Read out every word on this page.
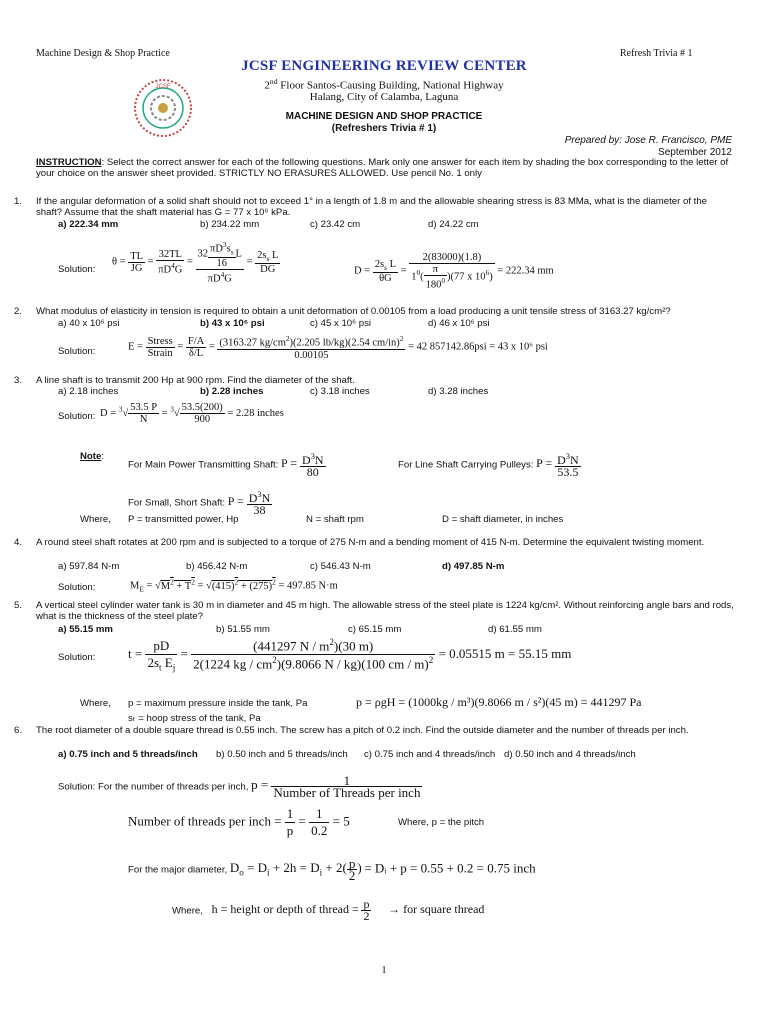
Machine Design & Shop Practice	Refresh Trivia # 1
JCSF ENGINEERING REVIEW CENTER
2nd Floor Santos-Causing Building, National Highway
Halang, City of Calamba, Laguna
JCSF
MACHINE DESIGN AND SHOP PRACTICE
(Refreshers Trivia # 1)
Prepared by: Jose R. Francisco, PME
September 2012
INSTRUCTION: Select the correct answer for each of the following questions. Mark only one answer for each item by shading the box corresponding to the letter of your choice on the answer sheet provided. STRICTLY NO ERASURES ALLOWED. Use pencil No. 1 only
1. If the angular deformation of a solid shaft should not to exceed 1° in a length of 1.8 m and the allowable shearing stress is 83 MMa, what is the diameter of the shaft? Assume that the shaft material has G = 77 x 10⁶ kPa.
a) 222.34 mm	b) 234.22 mm	c) 23.42 cm	d) 24.22 cm
Solution:
$\theta = \frac{TL}{JG} = \frac{32TL}{\pi D^4G} = \frac{32 \frac{\pi D^3s_s}{16} L}{\pi D^4G} = \frac{2s_s L}{DG}$	$D = \frac{2s_s L}{\theta G} = \frac{2(83000)(1.8)}{1^0( \frac{\pi}{180^0} )(77 x 10^6)} = 222.34$ mm
2. What modulus of elasticity in tension is required to obtain a unit deformation of 0.00105 from a load producing a unit tensile stress of 3163.27 kg/cm²?
a) 40 x 10⁶ psi	b) 43 x 10⁶ psi	c) 45 x 10⁶ psi	d) 46 x 10⁶ psi
Solution:	$E = \frac{\text{Stress}}{\text{Strain}} = \frac{F/A}{\delta/L} = \frac{(3163.27 kg/cm^2)(2.205 lb/kg)(2.54 cm/in)^2}{0.00105} = 42$ 857142.86psi = 43 x 10⁶ psi
3. A line shaft is to transmit 200 Hp at 900 rpm. Find the diameter of the shaft.
a) 2.18 inches	b) 2.28 inches	c) 3.18 inches	d) 3.28 inches
Solution: $D = ^3√ \frac{53.5 P}{N} = ^3√ \frac{53.5(200)}{900} = 2.28$ inches
Note:
For Main Power Transmitting Shaft: $P = \frac{D^3N}{80}$	For Line Shaft Carrying Pulleys: $P = \frac{D^3N}{53.5}$
For Small, Short Shaft: $P = \frac{D^3N}{38}$
Where, P = transmitted power, Hp	N = shaft rpm	D = shaft diameter, in inches
4. A round steel shaft rotates at 200 rpm and is subjected to a torque of 275 N-m and a bending moment of 415 N-m. Determine the equivalent twisting moment.
a) 597.84 N-m	b) 456.42 N-m	c) 546.43 N-m	d) 497.85 N-m
Solution:	$M_E = √M^2 + T^2 = √(415)^2 + (275)^2 = 497.85$ N·m
5. A vertical steel cylinder water tank is 30 m in diameter and 45 m high. The allowable stress of the steel plate is 1224 kg/cm². Without reinforcing angle bars and rods, what is the thickness of the steel plate?
a) 55.15 mm	b) 51.55 mm	c) 65.15 mm	d) 61.55 mm
Solution:	$t = \frac{pD}{2s_t E_j} = \frac{(441297 N / m^2)(30 m)}{2(1224 kg / cm^2)(9.8066 N / kg)(100 cm / m)^2} = 0.05515$ m = 55.15 mm
Where, p = maximum pressure inside the tank, Pa	p = ρgH = (1000kg / m³)(9.8066 m / s²)(45 m) = 441297 Pa
sₜ = hoop stress of the tank, Pa
6. The root diameter of a double square thread is 0.55 inch. The screw has a pitch of 0.2 inch. Find the outside diameter and the number of threads per inch.
a) 0.75 inch and 5 threads/inch b) 0.50 inch and 5 threads/inch c) 0.75 inch and 4 threads/inch d) 0.50 inch and 4 threads/inch
Solution: For the number of threads per inch, $p = \frac{1}{\text{Number of Threads per inch}}$
Number of threads per inch = $\frac{1}{p} = \frac{1}{0.2} = 5$	Where, p = the pitch
For the major diameter, $D_o = D_i + 2h = D_i + 2( \frac{p}{2}$ ) = Dᵢ + p = 0.55 + 0.2 = 0.75 inch
Where, h = height or depth of thread = $\frac{p}{2}$ → for square thread
1
